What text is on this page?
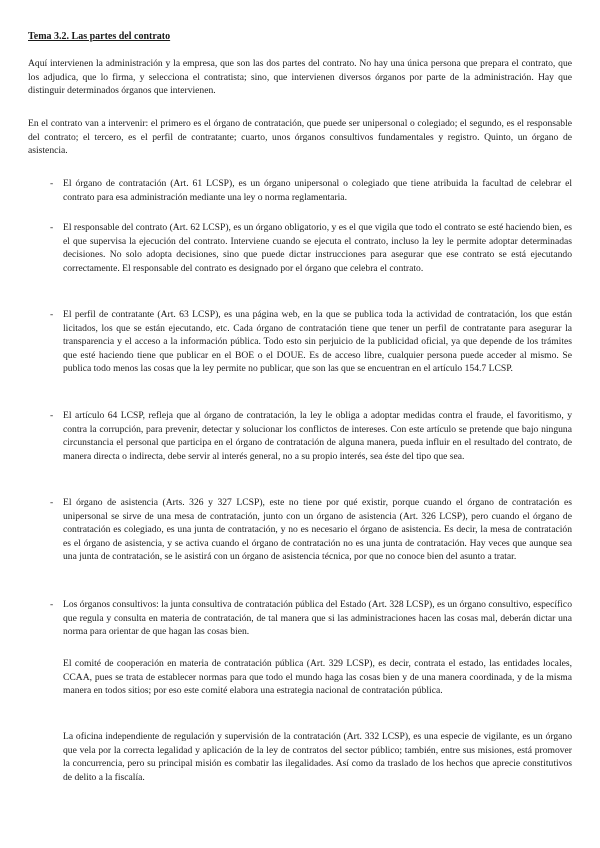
Tema 3.2. Las partes del contrato

Aquí intervienen la administración y la empresa, que son las dos partes del contrato. No hay una única persona que prepara el contrato, que los adjudica, que lo firma, y selecciona el contratista; sino, que intervienen diversos órganos por parte de la administración. Hay que distinguir determinados órganos que intervienen.

En el contrato van a intervenir: el primero es el órgano de contratación, que puede ser unipersonal o colegiado; el segundo, es el responsable del contrato; el tercero, es el perfil de contratante; cuarto, unos órganos consultivos fundamentales y registro. Quinto, un órgano de asistencia.

-	El órgano de contratación (Art. 61 LCSP), es un órgano unipersonal o colegiado que tiene atribuida la facultad de celebrar el contrato para esa administración mediante una ley o norma reglamentaria.

-	El responsable del contrato (Art. 62 LCSP), es un órgano obligatorio, y es el que vigila que todo el contrato se esté haciendo bien, es el que supervisa la ejecución del contrato. Interviene cuando se ejecuta el contrato, incluso la ley le permite adoptar determinadas decisiones. No solo adopta decisiones, sino que puede dictar instrucciones para asegurar que ese contrato se está ejecutando correctamente. El responsable del contrato es designado por el órgano que celebra el contrato.

-	El perfil de contratante (Art. 63 LCSP), es una página web, en la que se publica toda la actividad de contratación, los que están licitados, los que se están ejecutando, etc. Cada órgano de contratación tiene que tener un perfil de contratante para asegurar la transparencia y el acceso a la información pública. Todo esto sin perjuicio de la publicidad oficial, ya que depende de los trámites que esté haciendo tiene que publicar en el BOE o el DOUE. Es de acceso libre, cualquier persona puede acceder al mismo. Se publica todo menos las cosas que la ley permite no publicar, que son las que se encuentran en el artículo 154.7 LCSP.

-	El artículo 64 LCSP, refleja que al órgano de contratación, la ley le obliga a adoptar medidas contra el fraude, el favoritismo, y contra la corrupción, para prevenir, detectar y solucionar los conflictos de intereses. Con este artículo se pretende que bajo ninguna circunstancia el personal que participa en el órgano de contratación de alguna manera, pueda influir en el resultado del contrato, de manera directa o indirecta, debe servir al interés general, no a su propio interés, sea éste del tipo que sea.

-	El órgano de asistencia (Arts. 326 y 327 LCSP), este no tiene por qué existir, porque cuando el órgano de contratación es unipersonal se sirve de una mesa de contratación, junto con un órgano de asistencia (Art. 326 LCSP), pero cuando el órgano de contratación es colegiado, es una junta de contratación, y no es necesario el órgano de asistencia. Es decir, la mesa de contratación es el órgano de asistencia, y se activa cuando el órgano de contratación no es una junta de contratación. Hay veces que aunque sea una junta de contratación, se le asistirá con un órgano de asistencia técnica, por que no conoce bien del asunto a tratar.

-	Los órganos consultivos: la junta consultiva de contratación pública del Estado (Art. 328 LCSP), es un órgano consultivo, específico que regula y consulta en materia de contratación, de tal manera que si las administraciones hacen las cosas mal, deberán dictar una norma para orientar de que hagan las cosas bien.

El comité de cooperación en materia de contratación pública (Art. 329 LCSP), es decir, contrata el estado, las entidades locales, CCAA, pues se trata de establecer normas para que todo el mundo haga las cosas bien y de una manera coordinada, y de la misma manera en todos sitios; por eso este comité elabora una estrategia nacional de contratación pública.

La oficina independiente de regulación y supervisión de la contratación (Art. 332 LCSP), es una especie de vigilante, es un órgano que vela por la correcta legalidad y aplicación de la ley de contratos del sector público; también, entre sus misiones, está promover la concurrencia, pero su principal misión es combatir las ilegalidades. Así como da traslado de los hechos que aprecie constitutivos de delito a la fiscalía.
